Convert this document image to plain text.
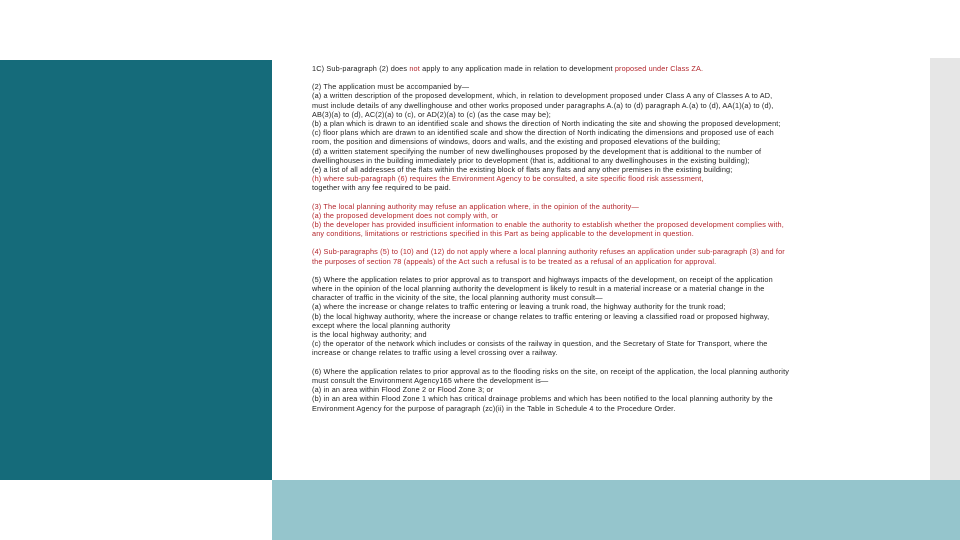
1C) Sub-paragraph (2) does not apply to any application made in relation to development proposed under Class ZA.

(2) The application must be accompanied by—
(a) a written description of the proposed development, which, in relation to development proposed under Class A any of Classes A to AD,
must include details of any dwellinghouse and other works proposed under paragraphs A.(a) to (d) paragraph A.(a) to (d), AA(1)(a) to (d),
AB(3)(a) to (d), AC(2)(a) to (c), or AD(2)(a) to (c) (as the case may be);
(b) a plan which is drawn to an identified scale and shows the direction of North indicating the site and showing the proposed development;
(c) floor plans which are drawn to an identified scale and show the direction of North indicating the dimensions and proposed use of each
room, the position and dimensions of windows, doors and walls, and the existing and proposed elevations of the building;
(d) a written statement specifying the number of new dwellinghouses proposed by the development that is additional to the number of
dwellinghouses in the building immediately prior to development (that is, additional to any dwellinghouses in the existing building);
(e) a list of all addresses of the flats within the existing block of flats any flats and any other premises in the existing building;
(h) where sub-paragraph (6) requires the Environment Agency to be consulted, a site specific flood risk assessment,
together with any fee required to be paid.

(3) The local planning authority may refuse an application where, in the opinion of the authority—
(a) the proposed development does not comply with, or
(b) the developer has provided insufficient information to enable the authority to establish whether the proposed development complies with,
any conditions, limitations or restrictions specified in this Part as being applicable to the development in question.

(4) Sub-paragraphs (5) to (10) and (12) do not apply where a local planning authority refuses an application under sub-paragraph (3) and for
the purposes of section 78 (appeals) of the Act such a refusal is to be treated as a refusal of an application for approval.

(5) Where the application relates to prior approval as to transport and highways impacts of the development, on receipt of the application
where in the opinion of the local planning authority the development is likely to result in a material increase or a material change in the
character of traffic in the vicinity of the site, the local planning authority must consult—
(a) where the increase or change relates to traffic entering or leaving a trunk road, the highway authority for the trunk road;
(b) the local highway authority, where the increase or change relates to traffic entering or leaving a classified road or proposed highway,
except where the local planning authority
is the local highway authority; and
(c) the operator of the network which includes or consists of the railway in question, and the Secretary of State for Transport, where the
increase or change relates to traffic using a level crossing over a railway.

(6) Where the application relates to prior approval as to the flooding risks on the site, on receipt of the application, the local planning authority
must consult the Environment Agency165 where the development is—
(a) in an area within Flood Zone 2 or Flood Zone 3; or
(b) in an area within Flood Zone 1 which has critical drainage problems and which has been notified to the local planning authority by the
Environment Agency for the purpose of paragraph (zc)(ii) in the Table in Schedule 4 to the Procedure Order.
